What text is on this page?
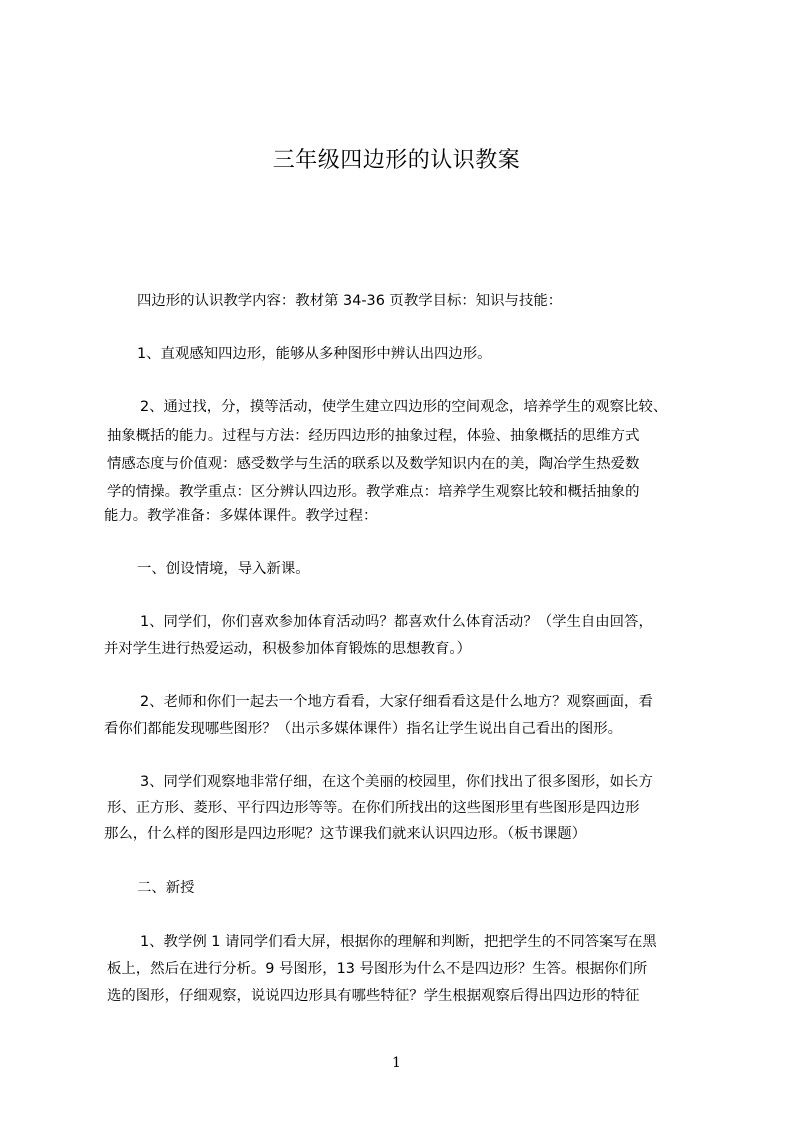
三年级四边形的认识教案
四边形的认识教学内容：教材第 34-36 页教学目标：知识与技能：
1、直观感知四边形，能够从多种图形中辨认出四边形。
2、通过找，分，摸等活动，使学生建立四边形的空间观念，培养学生的观察比较、
抽象概括的能力。过程与方法：经历四边形的抽象过程，体验、抽象概括的思维方式
情感态度与价值观：感受数学与生活的联系以及数学知识内在的美，陶冶学生热爱数
学的情操。教学重点：区分辨认四边形。教学难点：培养学生观察比较和概括抽象的
能力。教学准备：多媒体课件。教学过程：
一、创设情境，导入新课。
1、同学们，你们喜欢参加体育活动吗？都喜欢什么体育活动？（学生自由回答，
并对学生进行热爱运动，积极参加体育锻炼的思想教育。）
2、老师和你们一起去一个地方看看，大家仔细看看这是什么地方？观察画面，看
看你们都能发现哪些图形？（出示多媒体课件）指名让学生说出自己看出的图形。
3、同学们观察地非常仔细，在这个美丽的校园里，你们找出了很多图形，如长方
形、正方形、菱形、平行四边形等等。在你们所找出的这些图形里有些图形是四边形
那么，什么样的图形是四边形呢？这节课我们就来认识四边形。（板书课题）
二、新授
1、教学例 1 请同学们看大屏，根据你的理解和判断，把把学生的不同答案写在黑
板上，然后在进行分析。9 号图形，13 号图形为什么不是四边形？生答。根据你们所
选的图形，仔细观察，说说四边形具有哪些特征？学生根据观察后得出四边形的特征
1
